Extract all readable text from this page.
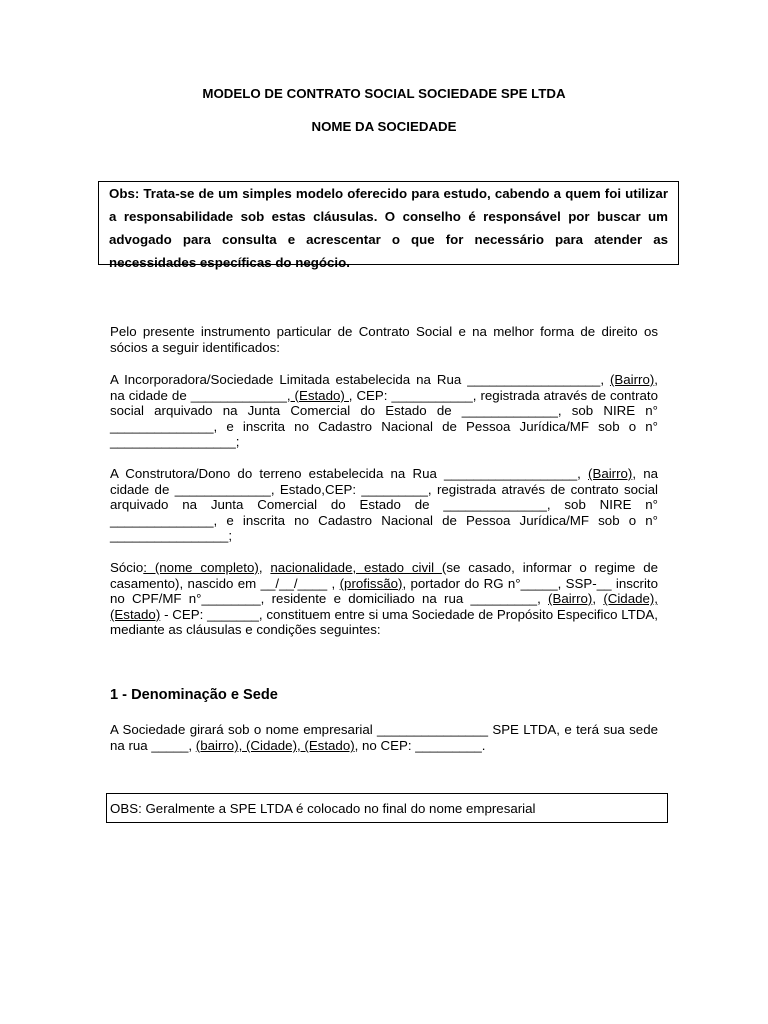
MODELO DE CONTRATO SOCIAL SOCIEDADE SPE LTDA

NOME DA SOCIEDADE

Obs: Trata-se de um simples modelo oferecido para estudo, cabendo a quem foi utilizar a responsabilidade sob estas cláusulas. O conselho é responsável por buscar um advogado para consulta e acrescentar o que for necessário para atender as necessidades específicas do negócio.

Pelo presente instrumento particular de Contrato Social e na melhor forma de direito os sócios a seguir identificados:

A Incorporadora/Sociedade Limitada estabelecida na Rua __________________, (Bairro), na cidade de _____________, (Estado) , CEP: ___________, registrada através de contrato social arquivado na Junta Comercial do Estado de _____________, sob NIRE n° ______________, e inscrita no Cadastro Nacional de Pessoa Jurídica/MF sob o n° _________________;

A Construtora/Dono do terreno estabelecida na Rua __________________, (Bairro), na cidade de _____________, Estado,CEP: _________, registrada através de contrato social arquivado na Junta Comercial do Estado de ______________, sob NIRE n° ______________, e inscrita no Cadastro Nacional de Pessoa Jurídica/MF sob o n° ________________;

Sócio: (nome completo), nacionalidade, estado civil (se casado, informar o regime de casamento), nascido em __/__/____ , (profissão), portador do RG n°_____, SSP-__ inscrito no CPF/MF n°________, residente e domiciliado na rua _________, (Bairro), (Cidade), (Estado) - CEP: _______, constituem entre si uma Sociedade de Propósito Especifico LTDA, mediante as cláusulas e condições seguintes:

1 - Denominação e Sede

A Sociedade girará sob o nome empresarial _______________ SPE LTDA, e terá sua sede na rua _____, (bairro), (Cidade), (Estado), no CEP: _________.

OBS: Geralmente a SPE LTDA é colocado no final do nome empresarial
